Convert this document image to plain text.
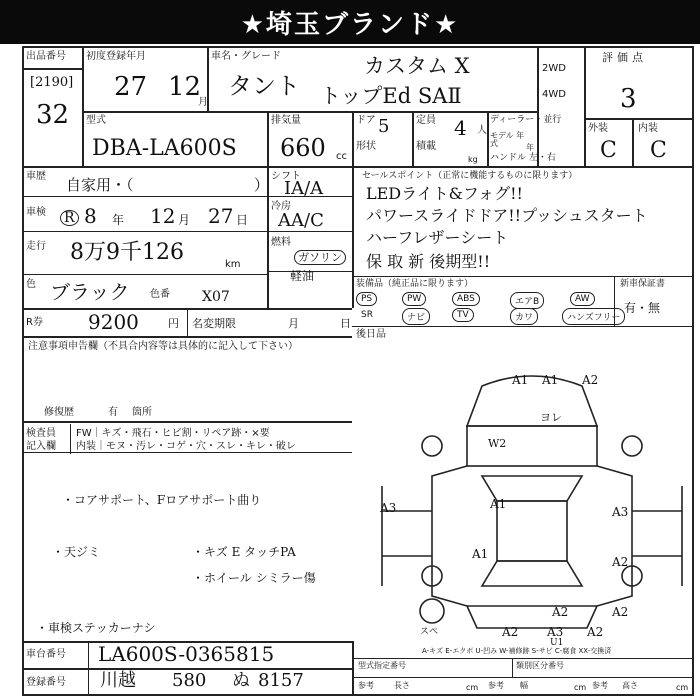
★埼玉ブランド★
出品番号
[2190]
32
初度登録年月
27 12
月
車名・グレード
タント
カスタム X
トップEd SAⅡ
2WD
4WD
評価点
3
外装	内装
C C
型式
DBA-LA600S
排気量
660 cc
ドア 5
形状
定員 4 人
積載
kg
ディーラー・並行
モデル 年式	年
ハンドル 左・右
車歴 自家用・（	） シフト
IA/A
車検 R 8 年 12 月 27 日
冷房
AA/C
走行 8万9千126	km
燃料
ガソリン
軽油
色 ブラック 色番 X07
R券 9200	円 名変期限	月	日
注意事項申告欄（不具合内容等は具体的に記入して下さい）
修復歴	有 箇所
検査員
記入欄
FW｜キズ・飛石・ヒビ割・リペア跡・×要
内装｜モヌ・汚レ・コゲ・穴・スレ・キレ・破レ
・コアサポート、Fロアサポート曲り
・天ジミ	・キズ E タッチPA
・ホイール シミラー傷
・車検ステッカーナシ
セールスポイント（正常に機能するものに限ります）
LEDライト&フォグ!!
パワースライドドア!!プッシュスタート
ハーフレザーシート
保 取 新 後期型!!
装備品（純正品に限ります）
PS	PW	ABS	エアB	AW
SR	ナビ	TV	カワ	ハンズフリー
新車保証書
有・無
後日品
A1 A1 A2
ヨレ
W2
A3	A1
A3
A1
A2
A2	A2
A2 A3 A2
U1
スペ
A-キズ E-エクボ U-凹み W-補修跡 S-サビ C-腐食 XX-交換済
車台番号 LA600S-0365815
登録番号 川越 580 ぬ 8157
型式指定番号	類別区分番号
参考	長さ	cm 参考 幅	cm 参考 高さ	cm
